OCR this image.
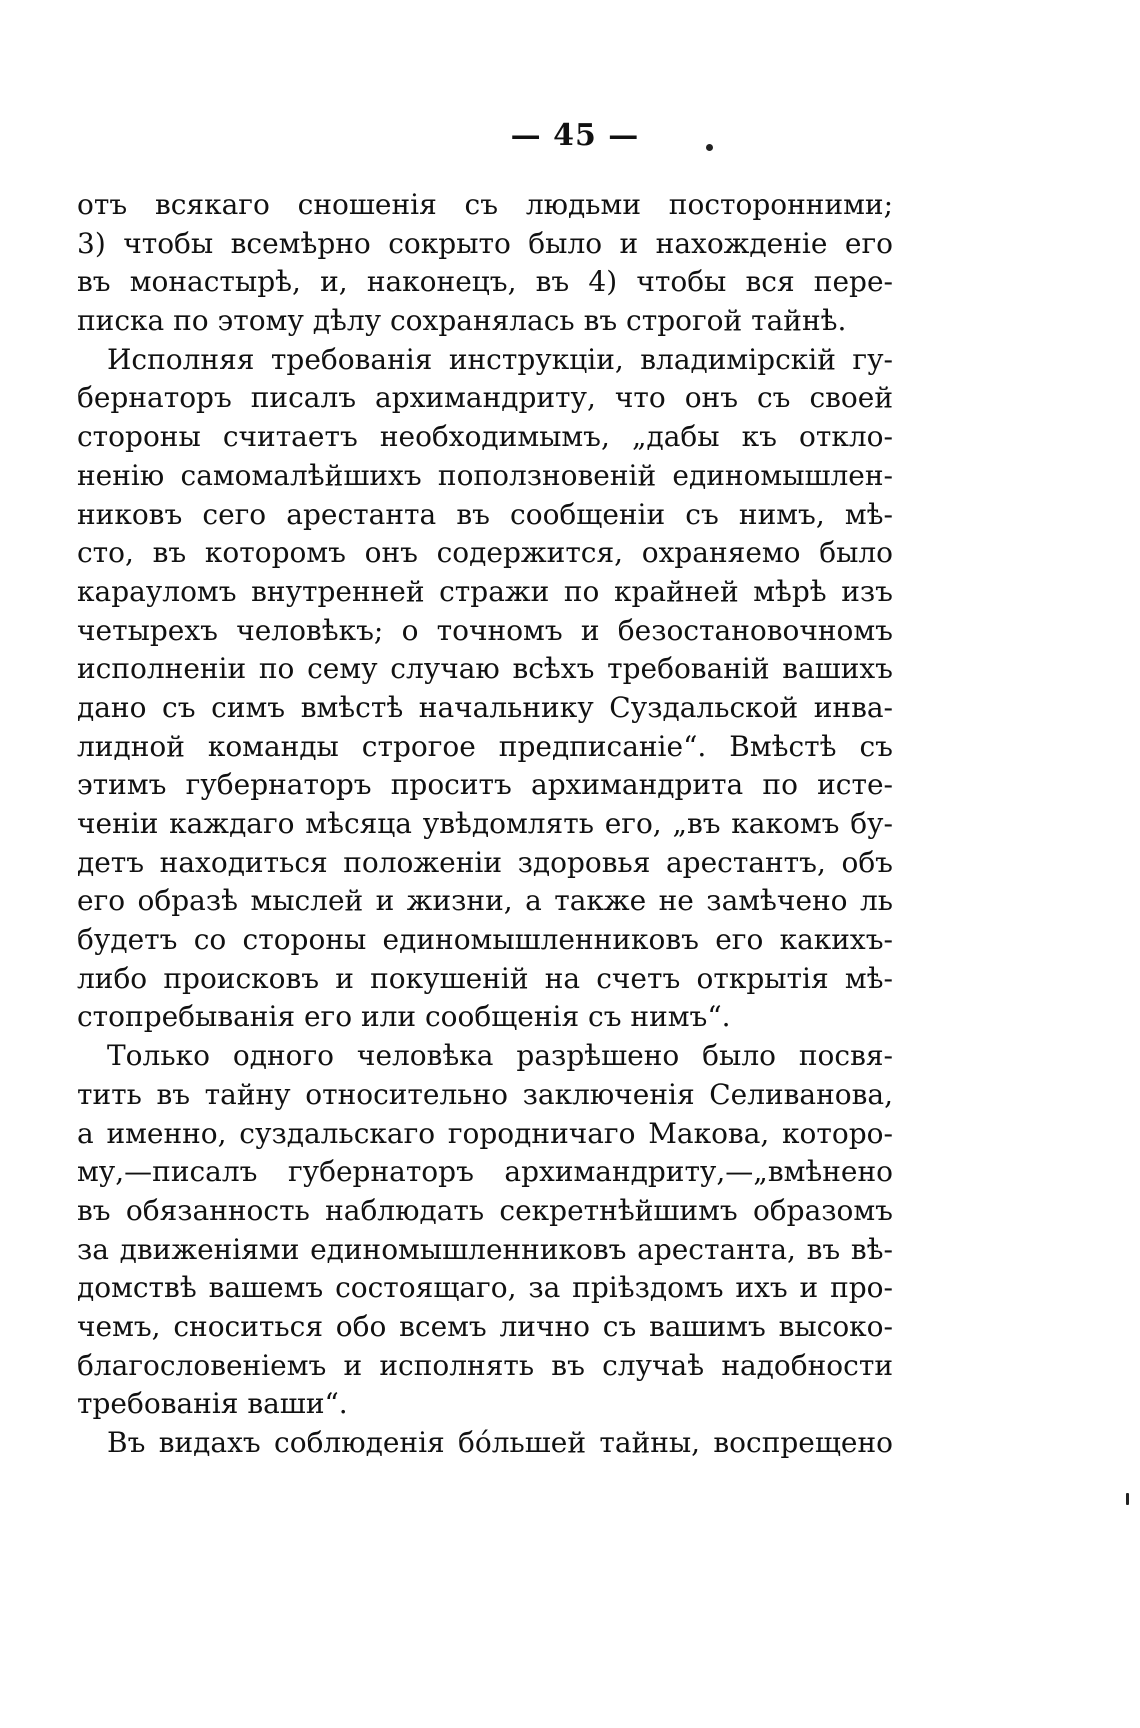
— 45 —
отъ всякаго сношенія съ людьми посторонними;
3) чтобы всемѣрно сокрыто было и нахожденіе его
въ монастырѣ, и, наконецъ, въ 4) чтобы вся пере-
писка по этому дѣлу сохранялась въ строгой тайнѣ.
Исполняя требованія инструкціи, владимірскій гу-
бернаторъ писалъ архимандриту, что онъ съ своей
стороны считаетъ необходимымъ, „дабы къ откло-
ненію самомалѣйшихъ поползновеній единомышлен-
никовъ сего арестанта въ сообщеніи съ нимъ, мѣ-
сто, въ которомъ онъ содержится, охраняемо было
карауломъ внутренней стражи по крайней мѣрѣ изъ
четырехъ человѣкъ; о точномъ и безостановочномъ
исполненіи по сему случаю всѣхъ требованій вашихъ
дано съ симъ вмѣстѣ начальнику Суздальской инва-
лидной команды строгое предписаніе“. Вмѣстѣ съ
этимъ губернаторъ проситъ архимандрита по исте-
ченіи каждаго мѣсяца увѣдомлять его, „въ какомъ бу-
детъ находиться положеніи здоровья арестантъ, объ
его образѣ мыслей и жизни, а также не замѣчено ль
будетъ со стороны единомышленниковъ его какихъ-
либо происковъ и покушеній на счетъ открытія мѣ-
стопребыванія его или сообщенія съ нимъ“.
Только одного человѣка разрѣшено было посвя-
тить въ тайну относительно заключенія Селиванова,
а именно, суздальскаго городничаго Макова, которо-
му,—писалъ губернаторъ архимандриту,—„вмѣнено
въ обязанность наблюдать секретнѣйшимъ образомъ
за движеніями единомышленниковъ арестанта, въ вѣ-
домствѣ вашемъ состоящаго, за пріѣздомъ ихъ и про-
чемъ, сноситься обо всемъ лично съ вашимъ высоко-
благословеніемъ и исполнять въ случаѣ надобности
требованія ваши“.
Въ видахъ соблюденія бóльшей тайны, воспрещено
